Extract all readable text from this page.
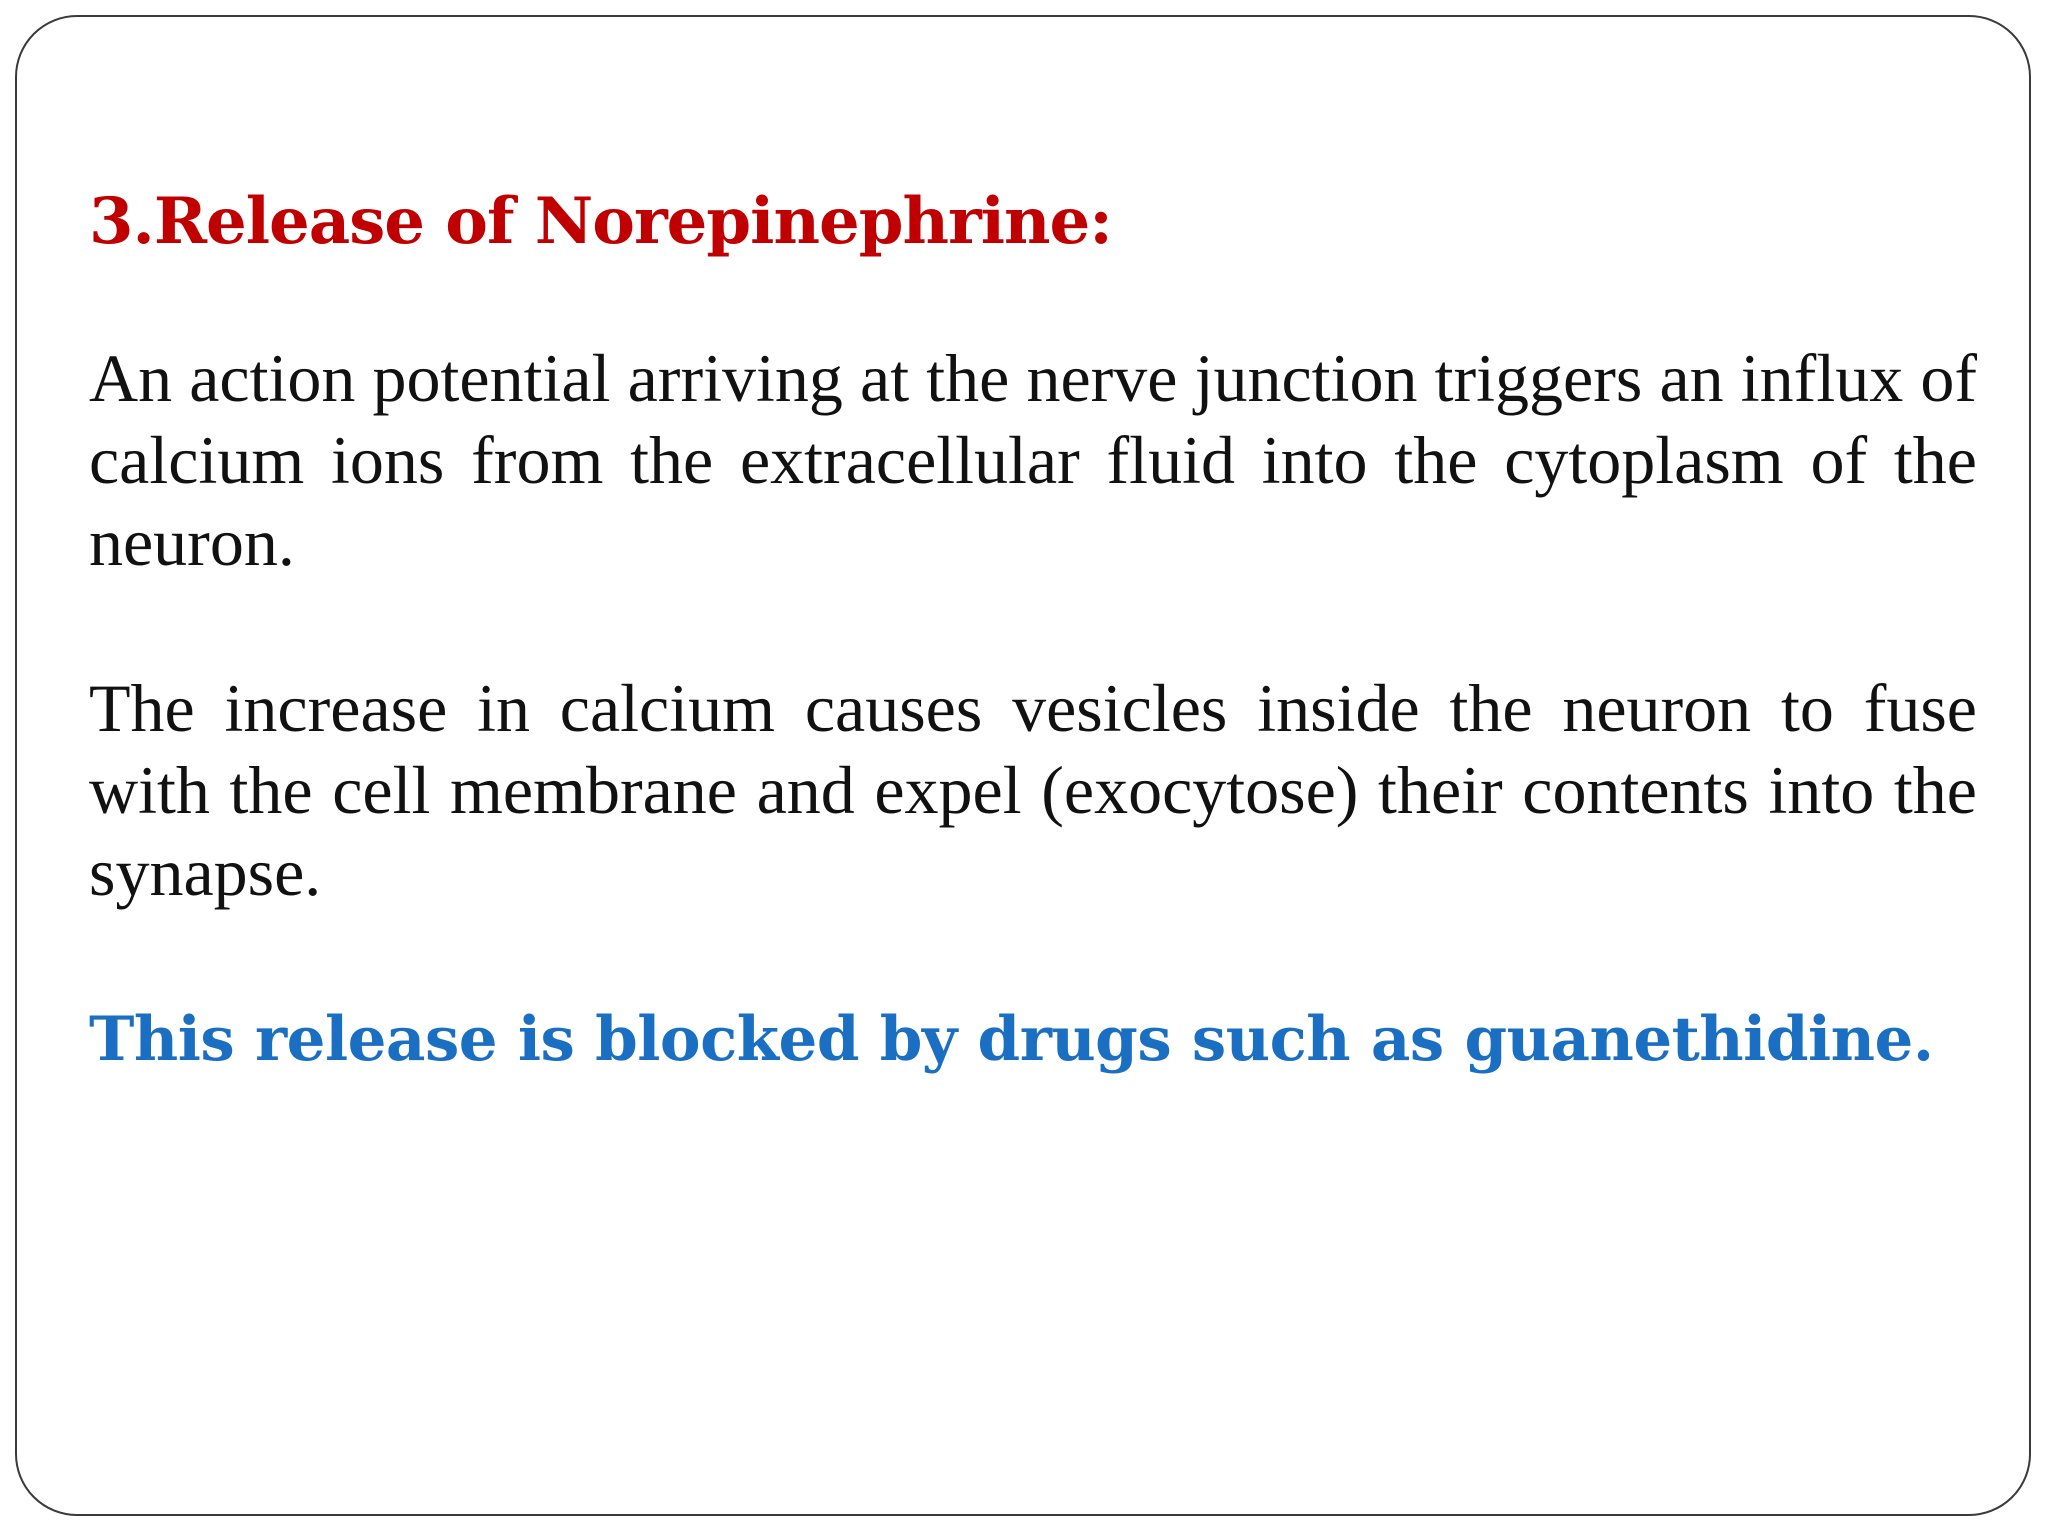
3.Release of Norepinephrine:

An action potential arriving at the nerve junction triggers an influx of calcium ions from the extracellular fluid into the cytoplasm of the neuron.

The increase in calcium causes vesicles inside the neuron to fuse with the cell membrane and expel (exocytose) their contents into the synapse.

This release is blocked by drugs such as guanethidine.
